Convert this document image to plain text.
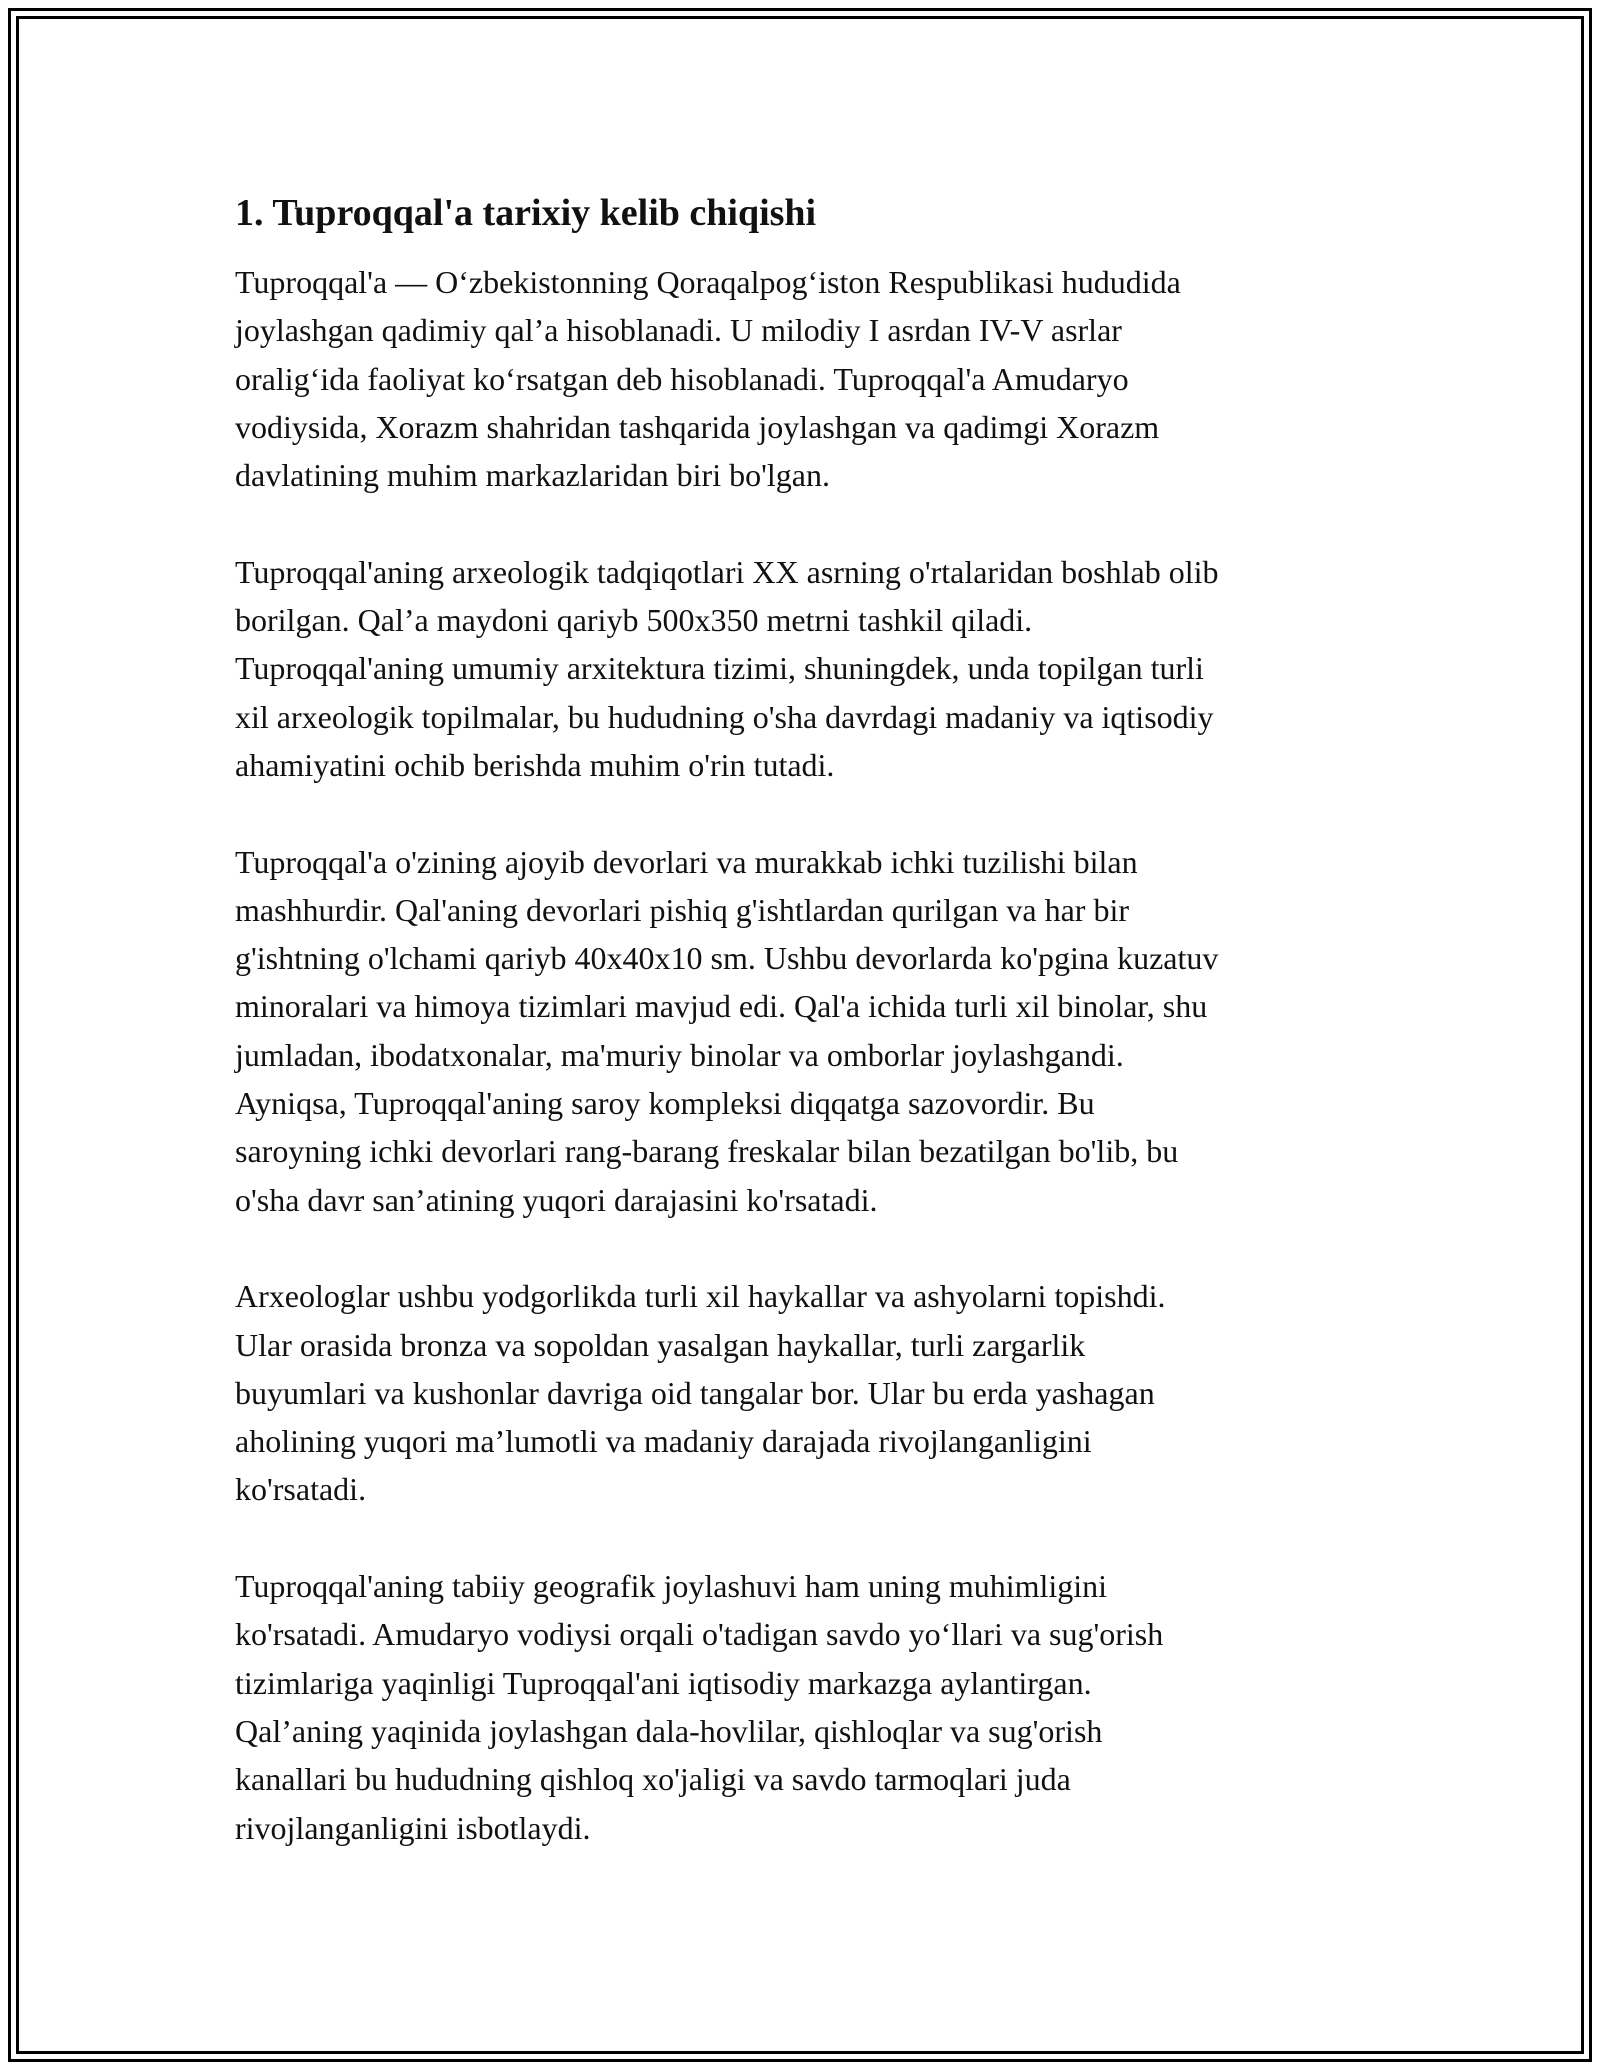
1. Tuproqqal'a tarixiy kelib chiqishi
Tuproqqal'a — O‘zbekistonning Qoraqalpog‘iston Respublikasi hududida
joylashgan qadimiy qal’a hisoblanadi. U milodiy I asrdan IV-V asrlar
oralig‘ida faoliyat ko‘rsatgan deb hisoblanadi. Tuproqqal'a Amudaryo
vodiysida, Xorazm shahridan tashqarida joylashgan va qadimgi Xorazm
davlatining muhim markazlaridan biri bo'lgan.
Tuproqqal'aning arxeologik tadqiqotlari XX asrning o'rtalaridan boshlab olib
borilgan. Qal’a maydoni qariyb 500x350 metrni tashkil qiladi.
Tuproqqal'aning umumiy arxitektura tizimi, shuningdek, unda topilgan turli
xil arxeologik topilmalar, bu hududning o'sha davrdagi madaniy va iqtisodiy
ahamiyatini ochib berishda muhim o'rin tutadi.
Tuproqqal'a o'zining ajoyib devorlari va murakkab ichki tuzilishi bilan
mashhurdir. Qal'aning devorlari pishiq g'ishtlardan qurilgan va har bir
g'ishtning o'lchami qariyb 40x40x10 sm. Ushbu devorlarda ko'pgina kuzatuv
minoralari va himoya tizimlari mavjud edi. Qal'a ichida turli xil binolar, shu
jumladan, ibodatxonalar, ma'muriy binolar va omborlar joylashgandi.
Ayniqsa, Tuproqqal'aning saroy kompleksi diqqatga sazovordir. Bu
saroyning ichki devorlari rang-barang freskalar bilan bezatilgan bo'lib, bu
o'sha davr san’atining yuqori darajasini ko'rsatadi.
Arxeologlar ushbu yodgorlikda turli xil haykallar va ashyolarni topishdi.
Ular orasida bronza va sopoldan yasalgan haykallar, turli zargarlik
buyumlari va kushonlar davriga oid tangalar bor. Ular bu erda yashagan
aholining yuqori ma’lumotli va madaniy darajada rivojlanganligini
ko'rsatadi.
Tuproqqal'aning tabiiy geografik joylashuvi ham uning muhimligini
ko'rsatadi. Amudaryo vodiysi orqali o'tadigan savdo yo‘llari va sug'orish
tizimlariga yaqinligi Tuproqqal'ani iqtisodiy markazga aylantirgan.
Qal’aning yaqinida joylashgan dala-hovlilar, qishloqlar va sug'orish
kanallari bu hududning qishloq xo'jaligi va savdo tarmoqlari juda
rivojlanganligini isbotlaydi.
